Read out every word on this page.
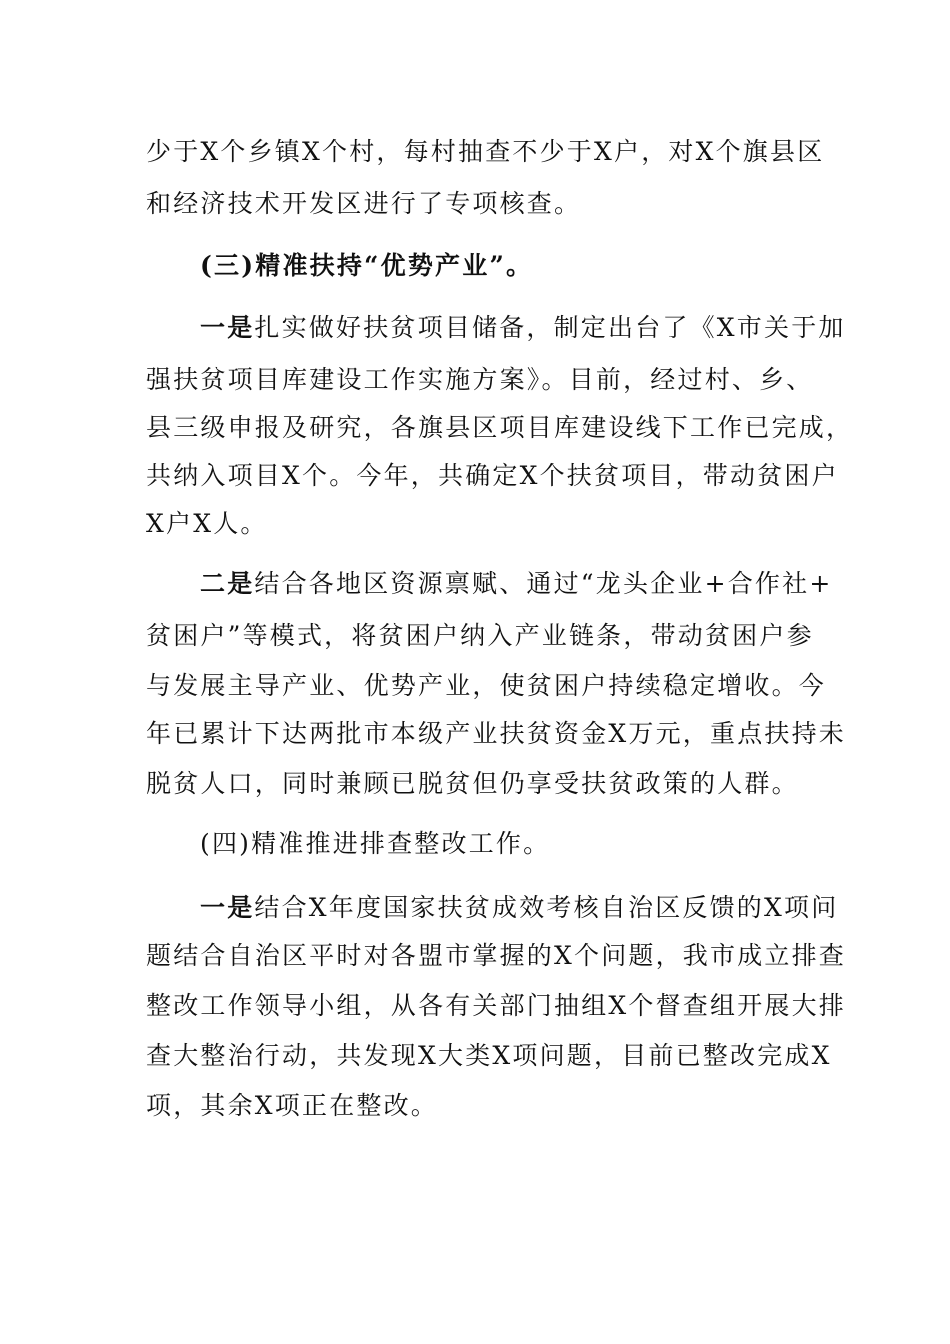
少于X个乡镇X个村，每村抽查不少于X户，对X个旗县区
和经济技术开发区进行了专项核查。
(三)精准扶持“优势产业”。
一是扎实做好扶贫项目储备，制定出台了《X市关于加
强扶贫项目库建设工作实施方案》。目前，经过村、乡、
县三级申报及研究，各旗县区项目库建设线下工作已完成，
共纳入项目X个。今年，共确定X个扶贫项目，带动贫困户
X户X人。
二是结合各地区资源禀赋、通过“龙头企业+合作社+
贫困户”等模式，将贫困户纳入产业链条，带动贫困户参
与发展主导产业、优势产业，使贫困户持续稳定增收。今
年已累计下达两批市本级产业扶贫资金X万元，重点扶持未
脱贫人口，同时兼顾已脱贫但仍享受扶贫政策的人群。
(四)精准推进排查整改工作。
一是结合X年度国家扶贫成效考核自治区反馈的X项问
题结合自治区平时对各盟市掌握的X个问题，我市成立排查
整改工作领导小组，从各有关部门抽组X个督查组开展大排
查大整治行动，共发现X大类X项问题，目前已整改完成X
项，其余X项正在整改。
